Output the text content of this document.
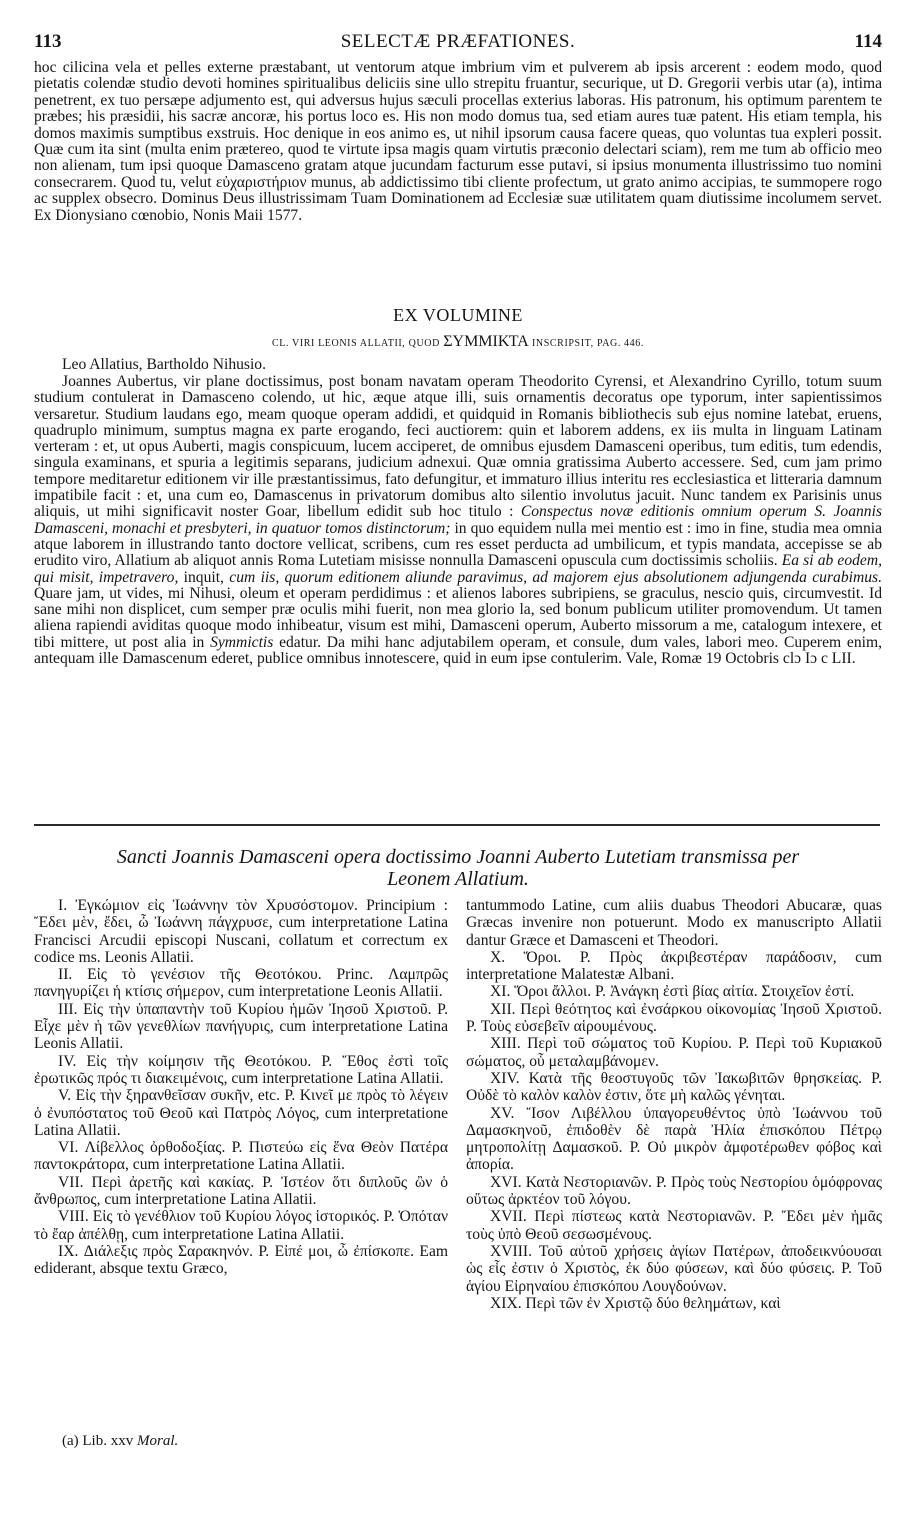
113	SELECTÆ PRÆFATIONES.	114
hoc cilicina vela et pelles externe præstabant, ut ventorum atque imbrium vim et pulverem ab ipsis arcerent : eodem modo, quod pietatis colendæ studio devoti homines spiritualibus deliciis sine ullo strepitu fruantur, securique, ut D. Gregorii verbis utar (a), intima penetrent, ex tuo persæpe adjumento est, qui adversus hujus sæculi procellas exterius laboras. His patronum, his optimum parentem te præbes; his præsidii, his sacræ ancoræ, his portus loco es. His non modo domus tua, sed etiam aures tuæ patent. His etiam templa, his domos maximis sumptibus exstruis. Hoc denique in eos animo es, ut nihil ipsorum causa facere queas, quo voluntas tua expleri possit. Quæ cum ita sint (multa enim prætereo, quod te virtute ipsa magis quam virtutis præconio delectari sciam), rem me tum ab officio meo non alienam, tum ipsi quoque Damasceno gratam atque jucundam facturum esse putavi, si ipsius monumenta illustrissimo tuo nomini consecrarem. Quod tu, velut εὐχαριστήριον munus, ab addictissimo tibi cliente profectum, ut grato animo accipias, te summopere rogo ac supplex obsecro. Dominus Deus illustrissimam Tuam Dominationem ad Ecclesiæ suæ utilitatem quam diutissime incolumem servet. Ex Dionysiano cœnobio, Nonis Maii 1577.
EX VOLUMINE
CL. VIRI LEONIS ALLATII, QUOD ΣΥΜΜΙΚΤΑ INSCRIPSIT, PAG. 446.
Leo Allatius, Bartholdo Nihusio.

Joannes Aubertus, vir plane doctissimus, post bonam navatam operam Theodorito Cyrensi, et Alexandrino Cyrillo, totum suum studium contulerat in Damasceno colendo, ut hic, æque atque illi, suis ornamentis decoratus ope typorum, inter sapientissimos versaretur. Studium laudans ego, meam quoque operam addidi, et quidquid in Romanis bibliothecis sub ejus nomine latebat, eruens, quadruplo minimum, sumptus magna ex parte erogando, feci auctiorem: quin et laborem addens, ex iis multa in linguam Latinam verteram : et, ut opus Auberti, magis conspicuum, lucem acciperet, de omnibus ejusdem Damasceni operibus, tum editis, tum edendis, singula examinans, et spuria a legitimis separans, judicium adnexui. Quæ omnia gratissima Auberto accessere. Sed, cum jam primo tempore meditaretur editionem vir ille præstantissimus, fato defungitur, et immaturo illius interitu res ecclesiastica et litteraria damnum impatibile facit : et, una cum eo, Damascenus in privatorum domibus alto silentio involutus jacuit. Nunc tandem ex Parisinis unus aliquis, ut mihi significavit noster Goar, libellum edidit sub hoc titulo : Conspectus novæ editionis omnium operum S. Joannis Damasceni, monachi et presbyteri, in quatuor tomos distinctorum; in quo equidem nulla mei mentio est : imo in fine, studia mea omnia atque laborem in illustrando tanto doctore vellicat, scribens, cum res esset perducta ad umbilicum, et typis mandata, accepisse se ab erudito viro, Allatium ab aliquot annis Roma Lutetiam misisse nonnulla Damasceni opuscula cum doctissimis scholiis. Ea si ab eodem, qui misit, impetravero, inquit, cum iis, quorum editionem aliunde paravimus, ad majorem ejus absolutionem adjungenda curabimus. Quare jam, ut vides, mi Nihusi, oleum et operam perdidimus : et alienos labores subripiens, se graculus, nescio quis, circumvestit. Id sane mihi non displicet, cum semper præ oculis mihi fuerit, non mea glorio la, sed bonum publicum utiliter promovendum. Ut tamen aliena rapiendi aviditas quoque modo inhibeatur, visum est mihi, Damasceni operum, Auberto missorum a me, catalogum intexere, et tibi mittere, ut post alia in Symmictis edatur. Da mihi hanc adjutabilem operam, et consule, dum vales, labori meo. Cuperem enim, antequam ille Damascenum ederet, publice omnibus innotescere, quid in eum ipse contulerim. Vale, Romæ 19 Octobris clɔ Iɔ c LII.

Sancti Joannis Damasceni opera doctissimo Joanni Auberto Lutetiam transmissa per
Leonem Allatium.

I. Ἐγκώμιον εἰς Ἰωάννην τὸν Χρυσόστομον. Principium : Ἔδει μὲν, ἔδει, ὦ Ἰωάννη πάγχρυσε, cum interpretatione Latina Francisci Arcudii episcopi Nuscani, collatum et correctum ex codice ms. Leonis Allatii.

II. Εἰς τὸ γενέσιον τῆς Θεοτόκου. Princ. Λαμπρῶς πανηγυρίζει ἡ κτίσις σήμερον, cum interpretatione Leonis Allatii.

III. Εἰς τὴν ὑπαπαντὴν τοῦ Κυρίου ἡμῶν Ἰησοῦ Χριστοῦ. P. Εἶχε μὲν ἡ τῶν γενεθλίων πανήγυρις, cum interpretatione Latina Leonis Allatii.

IV. Εἰς τὴν κοίμησιν τῆς Θεοτόκου. P. Ἔθος ἐστὶ τοῖς ἐρωτικῶς πρός τι διακειμένοις, cum interpretatione Latina Allatii.

V. Εἰς τὴν ξηρανθεῖσαν συκῆν, etc. P. Κινεῖ με πρὸς τὸ λέγειν ὁ ἐνυπόστατος τοῦ Θεοῦ καὶ Πατρὸς Λόγος, cum interpretatione Latina Allatii.

VI. Λίβελλος ὀρθοδοξίας. P. Πιστεύω εἰς ἕνα Θεὸν Πατέρα παντοκράτορα, cum interpretatione Latina Allatii.

VII. Περὶ ἀρετῆς καὶ κακίας. P. Ἰστέον ὅτι διπλοῦς ὢν ὁ ἄνθρωπος, cum interpretatione Latina Allatii.

VIII. Εἰς τὸ γενέθλιον τοῦ Κυρίου λόγος ἱστορικός. P. Ὁπόταν τὸ ἔαρ ἀπέλθῃ, cum interpretatione Latina Allatii.

IX. Διάλεξις πρὸς Σαρακηνόν. P. Εἰπέ μοι, ὦ ἐπίσκοπε. Eam ediderant, absque textu Græco,

tantummodo Latine, cum aliis duabus Theodori Abucaræ, quas Græcas invenire non potuerunt. Modo ex manuscripto Allatii dantur Græce et Damasceni et Theodori.

X. Ὅροι. P. Πρὸς ἀκριβεστέραν παράδοσιν, cum interpretatione Malatestæ Albani.

XI. Ὅροι ἄλλοι. P. Ἀνάγκη ἐστὶ βίας αἰτία. Στοιχεῖον ἐστί.

XII. Περὶ θεότητος καὶ ἐνσάρκου οἰκονομίας Ἰησοῦ Χριστοῦ. P. Τοὺς εὐσεβεῖν αἱρουμένους.

XIII. Περὶ τοῦ σώματος τοῦ Κυρίου. P. Περὶ τοῦ Κυριακοῦ σώματος, οὗ μεταλαμβάνομεν.

XIV. Κατὰ τῆς θεοστυγοῦς τῶν Ἰακωβιτῶν θρησκείας. P. Οὐδὲ τὸ καλὸν καλὸν ἐστιν, ὅτε μὴ καλῶς γένηται.

XV. Ἴσον Λιβέλλου ὑπαγορευθέντος ὑπὸ Ἰωάννου τοῦ Δαμασκηνοῦ, ἐπιδοθὲν δὲ παρὰ Ἠλία ἐπισκόπου Πέτρῳ μητροπολίτῃ Δαμασκοῦ. P. Οὐ μικρὸν ἀμφοτέρωθεν φόβος καὶ ἀπορία.

XVI. Κατὰ Νεστοριανῶν. P. Πρὸς τοὺς Νεστορίου ὁμόφρονας οὕτως ἀρκτέον τοῦ λόγου.

XVII. Περὶ πίστεως κατὰ Νεστοριανῶν. P. Ἔδει μὲν ἡμᾶς τοὺς ὑπὸ Θεοῦ σεσωσμένους.

XVIII. Τοῦ αὐτοῦ χρήσεις ἁγίων Πατέρων, ἀποδεικνύουσαι ὡς εἷς ἐστιν ὁ Χριστὸς, ἐκ δύο φύσεων, καὶ δύο φύσεις. P. Τοῦ ἁγίου Εἰρηναίου ἐπισκόπου Λουγδούνων.

XIX. Περὶ τῶν ἐν Χριστῷ δύο θελημάτων, καὶ

(a) Lib. xxv Moral.
